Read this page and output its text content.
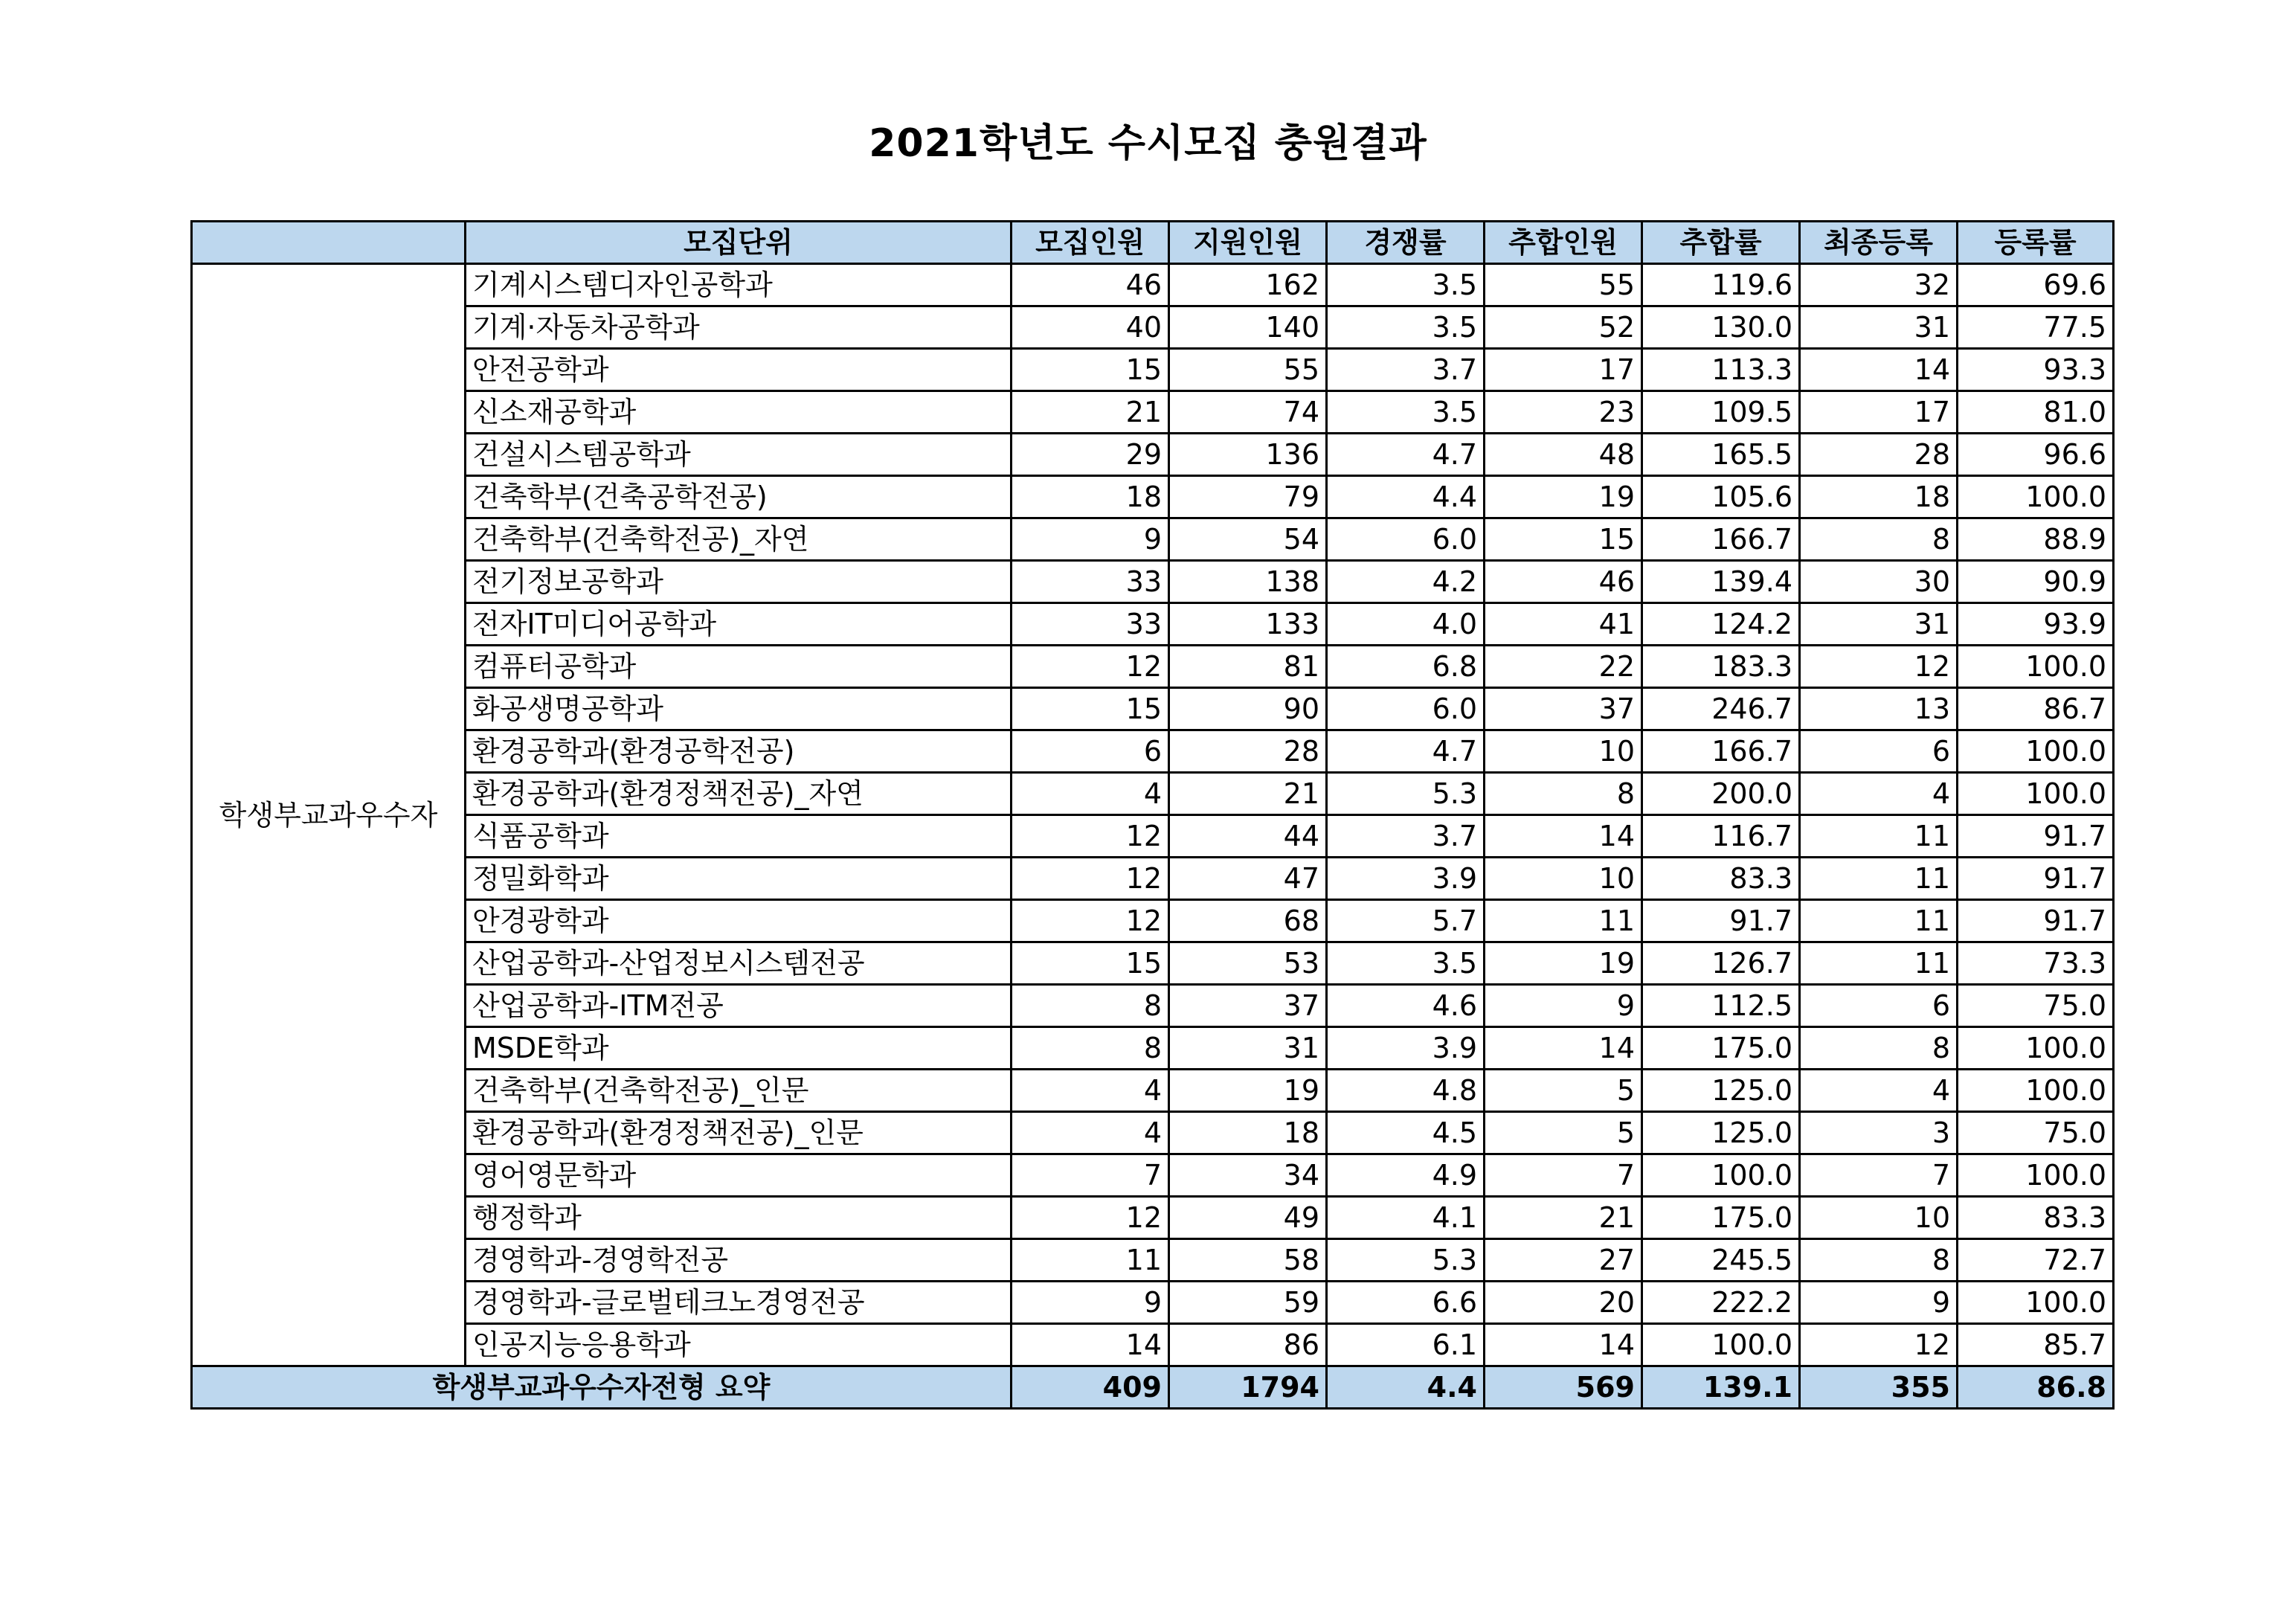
2021학년도 수시모집 충원결과
	모집단위	모집인원	지원인원	경쟁률	추합인원	추합률	최종등록	등록률
학생부교과우수자	기계시스템디자인공학과	46	162	3.5	55	119.6	32	69.6
	기계·자동차공학과	40	140	3.5	52	130.0	31	77.5
	안전공학과	15	55	3.7	17	113.3	14	93.3
	신소재공학과	21	74	3.5	23	109.5	17	81.0
	건설시스템공학과	29	136	4.7	48	165.5	28	96.6
	건축학부(건축공학전공)	18	79	4.4	19	105.6	18	100.0
	건축학부(건축학전공)_자연	9	54	6.0	15	166.7	8	88.9
	전기정보공학과	33	138	4.2	46	139.4	30	90.9
	전자IT미디어공학과	33	133	4.0	41	124.2	31	93.9
	컴퓨터공학과	12	81	6.8	22	183.3	12	100.0
	화공생명공학과	15	90	6.0	37	246.7	13	86.7
	환경공학과(환경공학전공)	6	28	4.7	10	166.7	6	100.0
	환경공학과(환경정책전공)_자연	4	21	5.3	8	200.0	4	100.0
	식품공학과	12	44	3.7	14	116.7	11	91.7
	정밀화학과	12	47	3.9	10	83.3	11	91.7
	안경광학과	12	68	5.7	11	91.7	11	91.7
	산업공학과-산업정보시스템전공	15	53	3.5	19	126.7	11	73.3
	산업공학과-ITM전공	8	37	4.6	9	112.5	6	75.0
	MSDE학과	8	31	3.9	14	175.0	8	100.0
	건축학부(건축학전공)_인문	4	19	4.8	5	125.0	4	100.0
	환경공학과(환경정책전공)_인문	4	18	4.5	5	125.0	3	75.0
	영어영문학과	7	34	4.9	7	100.0	7	100.0
	행정학과	12	49	4.1	21	175.0	10	83.3
	경영학과-경영학전공	11	58	5.3	27	245.5	8	72.7
	경영학과-글로벌테크노경영전공	9	59	6.6	20	222.2	9	100.0
	인공지능응용학과	14	86	6.1	14	100.0	12	85.7
학생부교과우수자전형 요약		409	1794	4.4	569	139.1	355	86.8
